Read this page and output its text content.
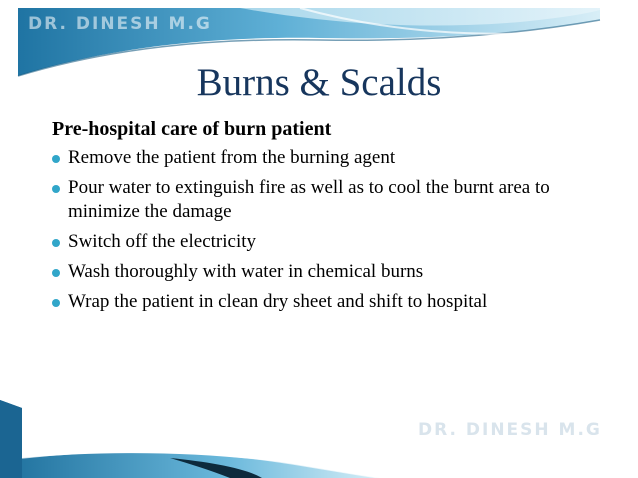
DR. DINESH M.G
Burns & Scalds
Pre-hospital care of burn patient
Remove the patient from the burning agent
Pour water to extinguish fire as well as to cool the burnt area to minimize the damage
Switch off the electricity
Wash thoroughly with water in chemical burns
Wrap the patient in clean dry sheet and shift to hospital
DR. DINESH M.G
